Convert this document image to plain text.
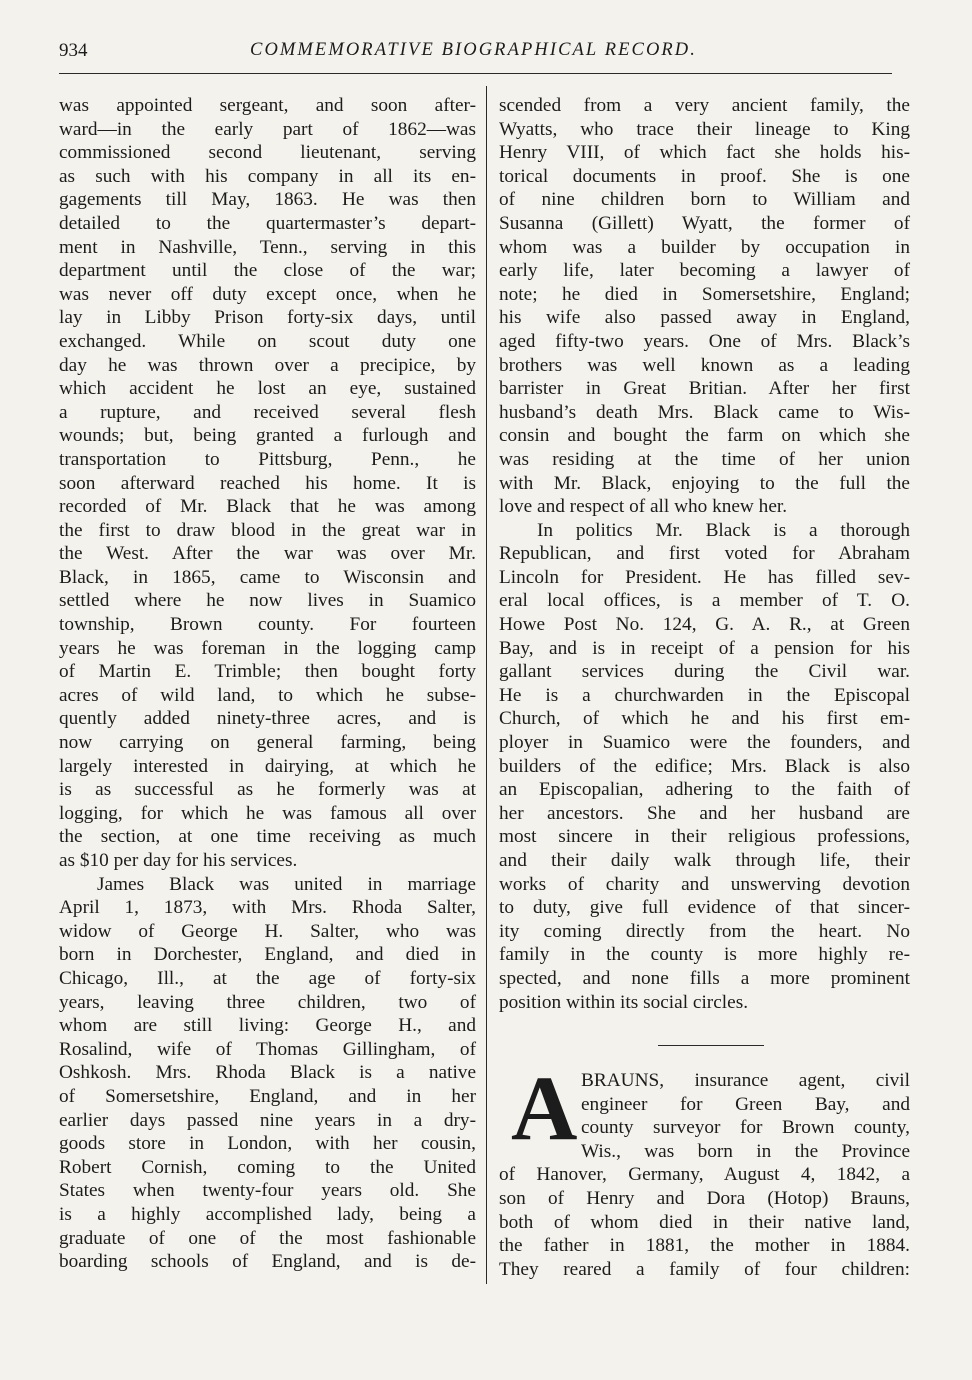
934	COMMEMORATIVE BIOGRAPHICAL RECORD.
was appointed sergeant, and soon after-
ward—in the early part of 1862—was
commissioned second lieutenant, serving
as such with his company in all its en-
gagements till May, 1863. He was then
detailed to the quartermaster’s depart-
ment in Nashville, Tenn., serving in this
department until the close of the war;
was never off duty except once, when he
lay in Libby Prison forty-six days, until
exchanged. While on scout duty one
day he was thrown over a precipice, by
which accident he lost an eye, sustained
a rupture, and received several flesh
wounds; but, being granted a furlough and
transportation to Pittsburg, Penn., he
soon afterward reached his home. It is
recorded of Mr. Black that he was among
the first to draw blood in the great war in
the West. After the war was over Mr.
Black, in 1865, came to Wisconsin and
settled where he now lives in Suamico
township, Brown county. For fourteen
years he was foreman in the logging camp
of Martin E. Trimble; then bought forty
acres of wild land, to which he subse-
quently added ninety-three acres, and is
now carrying on general farming, being
largely interested in dairying, at which he
is as successful as he formerly was at
logging, for which he was famous all over
the section, at one time receiving as much
as $10 per day for his services.
James Black was united in marriage
April 1, 1873, with Mrs. Rhoda Salter,
widow of George H. Salter, who was
born in Dorchester, England, and died in
Chicago, Ill., at the age of forty-six
years, leaving three children, two of
whom are still living: George H., and
Rosalind, wife of Thomas Gillingham, of
Oshkosh. Mrs. Rhoda Black is a native
of Somersetshire, England, and in her
earlier days passed nine years in a dry-
goods store in London, with her cousin,
Robert Cornish, coming to the United
States when twenty-four years old. She
is a highly accomplished lady, being a
graduate of one of the most fashionable
boarding schools of England, and is de-
scended from a very ancient family, the
Wyatts, who trace their lineage to King
Henry VIII, of which fact she holds his-
torical documents in proof. She is one
of nine children born to William and
Susanna (Gillett) Wyatt, the former of
whom was a builder by occupation in
early life, later becoming a lawyer of
note; he died in Somersetshire, England;
his wife also passed away in England,
aged fifty-two years. One of Mrs. Black’s
brothers was well known as a leading
barrister in Great Britian. After her first
husband’s death Mrs. Black came to Wis-
consin and bought the farm on which she
was residing at the time of her union
with Mr. Black, enjoying to the full the
love and respect of all who knew her.
In politics Mr. Black is a thorough
Republican, and first voted for Abraham
Lincoln for President. He has filled sev-
eral local offices, is a member of T. O.
Howe Post No. 124, G. A. R., at Green
Bay, and is in receipt of a pension for his
gallant services during the Civil war.
He is a churchwarden in the Episcopal
Church, of which he and his first em-
ployer in Suamico were the founders, and
builders of the edifice; Mrs. Black is also
an Episcopalian, adhering to the faith of
her ancestors. She and her husband are
most sincere in their religious professions,
and their daily walk through life, their
works of charity and unswerving devotion
to duty, give full evidence of that sincer-
ity coming directly from the heart. No
family in the county is more highly re-
spected, and none fills a more prominent
position within its social circles.
A BRAUNS, insurance agent, civil
engineer for Green Bay, and
county surveyor for Brown county,
Wis., was born in the Province
of Hanover, Germany, August 4, 1842, a
son of Henry and Dora (Hotop) Brauns,
both of whom died in their native land,
the father in 1881, the mother in 1884.
They reared a family of four children:
